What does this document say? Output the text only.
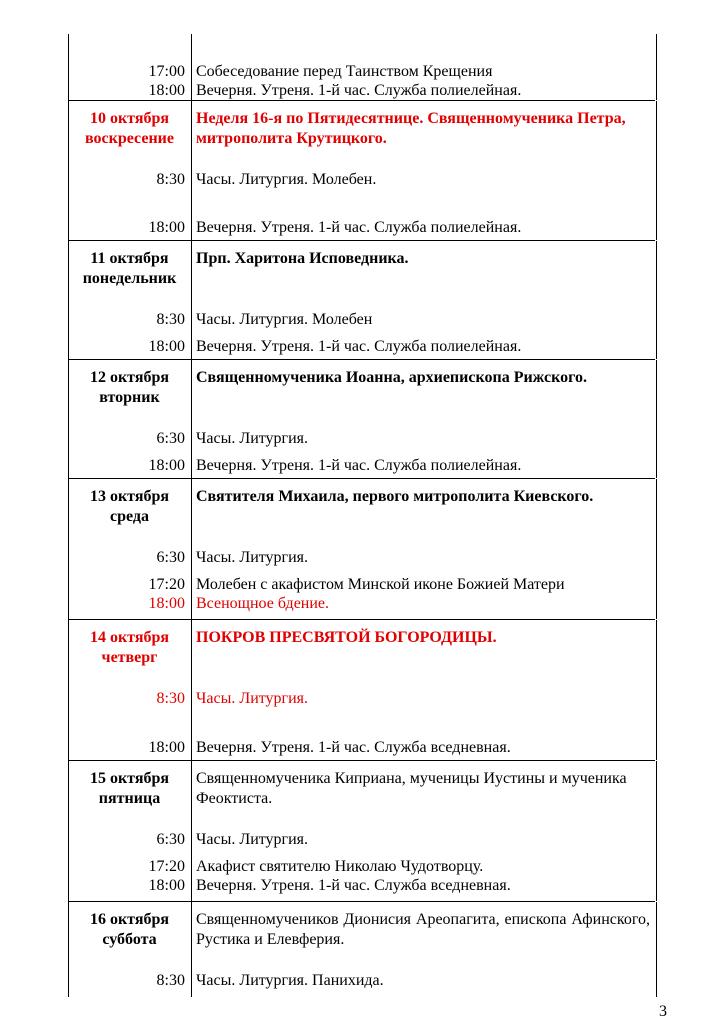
17:00 Собеседование перед Таинством Крещения
18:00 Вечерня. Утреня. 1-й час. Служба полиелейная.
10 октября
воскресение
Неделя 16-я по Пятидесятнице. Священномученика Петра, митрополита Крутицкого.
8:30 Часы. Литургия. Молебен.
18:00 Вечерня. Утреня. 1-й час. Служба полиелейная.
11 октября
понедельник
Прп. Харитона Исповедника.
8:30 Часы. Литургия. Молебен
18:00 Вечерня. Утреня. 1-й час. Служба полиелейная.
12 октября
вторник
Священномученика Иоанна, архиепископа Рижского.
6:30 Часы. Литургия.
18:00 Вечерня. Утреня. 1-й час. Служба полиелейная.
13 октября
среда
Святителя Михаила, первого митрополита Киевского.
6:30 Часы. Литургия.
17:20 Молебен с акафистом Минской иконе Божией Матери
18:00 Всенощное бдение.
14 октября
четверг
ПОКРОВ ПРЕСВЯТОЙ БОГОРОДИЦЫ.
8:30 Часы. Литургия.
18:00 Вечерня. Утреня. 1-й час. Служба вседневная.
15 октября
пятница
Священномученика Киприана, мученицы Иустины и мученика Феоктиста.
6:30 Часы. Литургия.
17:20 Акафист святителю Николаю Чудотворцу.
18:00 Вечерня. Утреня. 1-й час. Служба вседневная.
16 октября
суббота
Священномучеников Дионисия Ареопагита, епископа Афинского, Рустика и Елевферия.
8:30 Часы. Литургия. Панихида.
3
